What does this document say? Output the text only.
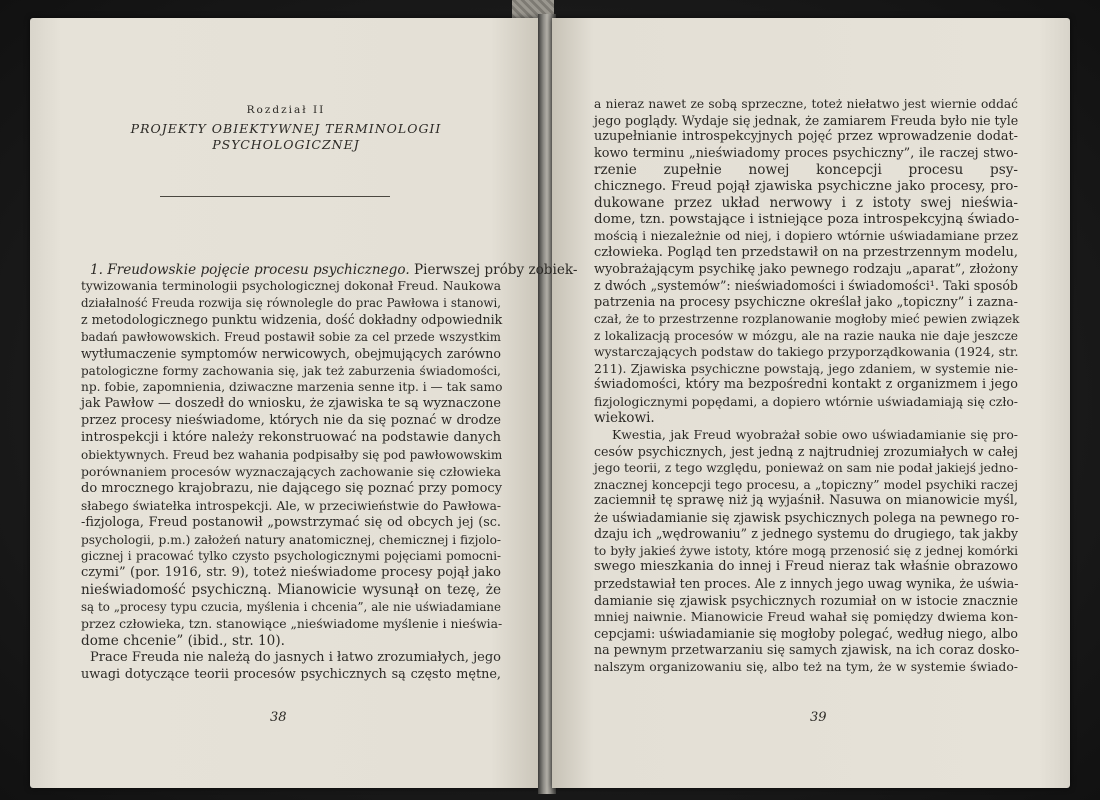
Rozdział II
PROJEKTY OBIEKTYWNEJ TERMINOLOGII
PSYCHOLOGICZNEJ
1. Freudowskie pojęcie procesu psychicznego. Pierwszej próby zobiek-
tywizowania terminologii psychologicznej dokonał Freud. Naukowa
działalność Freuda rozwija się równolegle do prac Pawłowa i stanowi,
z metodologicznego punktu widzenia, dość dokładny odpowiednik
badań pawłowowskich. Freud postawił sobie za cel przede wszystkim
wytłumaczenie symptomów nerwicowych, obejmujących zarówno
patologiczne formy zachowania się, jak też zaburzenia świadomości,
np. fobie, zapomnienia, dziwaczne marzenia senne itp. i — tak samo
jak Pawłow — doszedł do wniosku, że zjawiska te są wyznaczone
przez procesy nieświadome, których nie da się poznać w drodze
introspekcji i które należy rekonstruować na podstawie danych
obiektywnych. Freud bez wahania podpisałby się pod pawłowowskim
porównaniem procesów wyznaczających zachowanie się człowieka
do mrocznego krajobrazu, nie dającego się poznać przy pomocy
słabego światełka introspekcji. Ale, w przeciwieństwie do Pawłowa-
-fizjologa, Freud postanowił „powstrzymać się od obcych jej (sc.
psychologii, p.m.) założeń natury anatomicznej, chemicznej i fizjolo-
gicznej i pracować tylko czysto psychologicznymi pojęciami pomocni-
czymi” (por. 1916, str. 9), toteż nieświadome procesy pojął jako
nieświadomość psychiczną. Mianowicie wysunął on tezę, że
są to „procesy typu czucia, myślenia i chcenia”, ale nie uświadamiane
przez człowieka, tzn. stanowiące „nieświadome myślenie i nieświa-
dome chcenie” (ibid., str. 10).
Prace Freuda nie należą do jasnych i łatwo zrozumiałych, jego
uwagi dotyczące teorii procesów psychicznych są często mętne,
38
a nieraz nawet ze sobą sprzeczne, toteż niełatwo jest wiernie oddać
jego poglądy. Wydaje się jednak, że zamiarem Freuda było nie tyle
uzupełnianie introspekcyjnych pojęć przez wprowadzenie dodat-
kowo terminu „nieświadomy proces psychiczny”, ile raczej stwo-
rzenie zupełnie nowej koncepcji procesu psy-
chicznego. Freud pojął zjawiska psychiczne jako procesy, pro-
dukowane przez układ nerwowy i z istoty swej nieświa-
dome, tzn. powstające i istniejące poza introspekcyjną świado-
mością i niezależnie od niej, i dopiero wtórnie uświadamiane przez
człowieka. Pogląd ten przedstawił on na przestrzennym modelu,
wyobrażającym psychikę jako pewnego rodzaju „aparat”, złożony
z dwóch „systemów”: nieświadomości i świadomości¹. Taki sposób
patrzenia na procesy psychiczne określał jako „topiczny” i zazna-
czał, że to przestrzenne rozplanowanie mogłoby mieć pewien związek
z lokalizacją procesów w mózgu, ale na razie nauka nie daje jeszcze
wystarczających podstaw do takiego przyporządkowania (1924, str.
211). Zjawiska psychiczne powstają, jego zdaniem, w systemie nie-
świadomości, który ma bezpośredni kontakt z organizmem i jego
fizjologicznymi popędami, a dopiero wtórnie uświadamiają się czło-
wiekowi.
Kwestia, jak Freud wyobrażał sobie owo uświadamianie się pro-
cesów psychicznych, jest jedną z najtrudniej zrozumiałych w całej
jego teorii, z tego względu, ponieważ on sam nie podał jakiejś jedno-
znacznej koncepcji tego procesu, a „topiczny” model psychiki raczej
zaciemnił tę sprawę niż ją wyjaśnił. Nasuwa on mianowicie myśl,
że uświadamianie się zjawisk psychicznych polega na pewnego ro-
dzaju ich „wędrowaniu” z jednego systemu do drugiego, tak jakby
to były jakieś żywe istoty, które mogą przenosić się z jednej komórki
swego mieszkania do innej i Freud nieraz tak właśnie obrazowo
przedstawiał ten proces. Ale z innych jego uwag wynika, że uświa-
damianie się zjawisk psychicznych rozumiał on w istocie znacznie
mniej naiwnie. Mianowicie Freud wahał się pomiędzy dwiema kon-
cepcjami: uświadamianie się mogłoby polegać, według niego, albo
na pewnym przetwarzaniu się samych zjawisk, na ich coraz dosko-
nalszym organizowaniu się, albo też na tym, że w systemie świado-
39
